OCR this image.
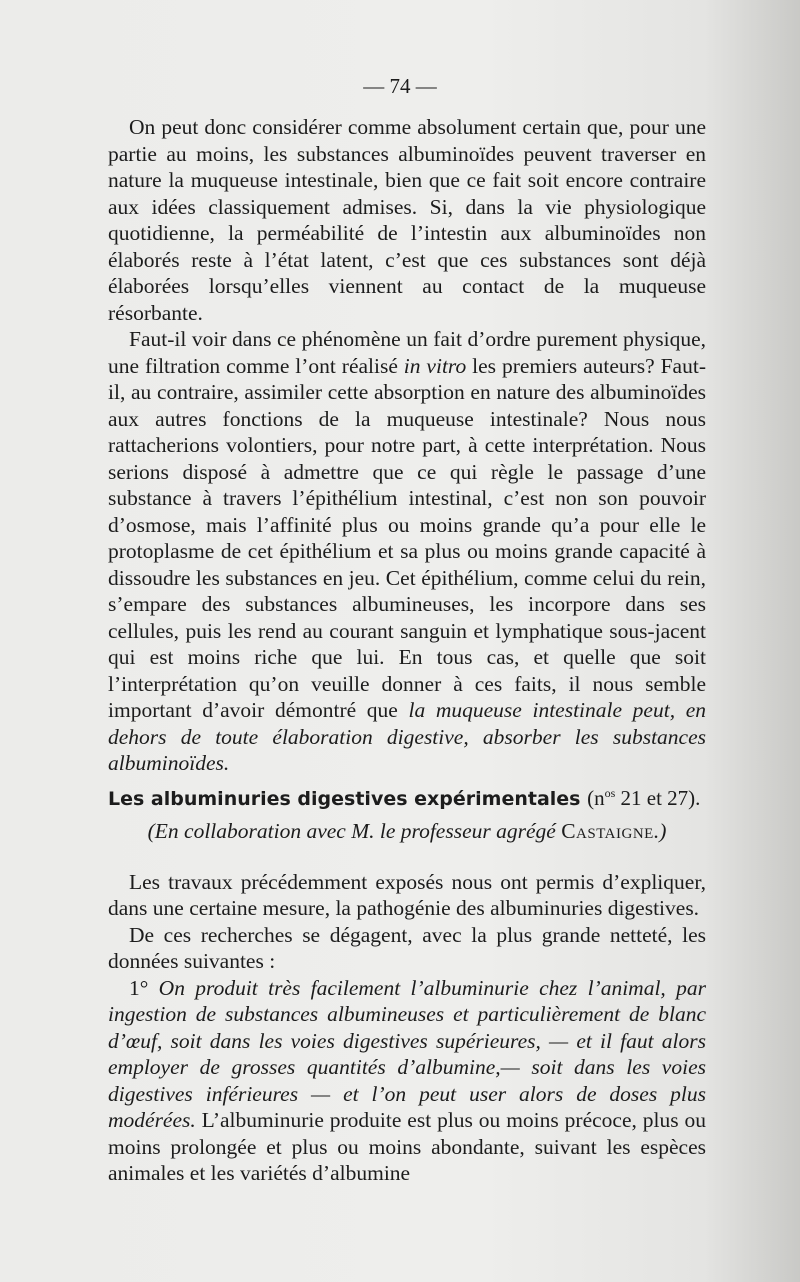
— 74 —

On peut donc considérer comme absolument certain que, pour une partie au moins, les substances albuminoïdes peuvent traverser en nature la muqueuse intestinale, bien que ce fait soit encore contraire aux idées classiquement admises. Si, dans la vie physiologique quotidienne, la perméabilité de l’intestin aux albuminoïdes non élaborés reste à l’état latent, c’est que ces substances sont déjà élaborées lorsqu’elles viennent au contact de la muqueuse résorbante.

Faut-il voir dans ce phénomène un fait d’ordre purement physique, une filtration comme l’ont réalisé in vitro les premiers auteurs? Faut-il, au contraire, assimiler cette absorption en nature des albuminoïdes aux autres fonctions de la muqueuse intestinale? Nous nous rattacherions volontiers, pour notre part, à cette interprétation. Nous serions disposé à admettre que ce qui règle le passage d’une substance à travers l’épithélium intestinal, c’est non son pouvoir d’osmose, mais l’affinité plus ou moins grande qu’a pour elle le protoplasme de cet épithélium et sa plus ou moins grande capacité à dissoudre les substances en jeu. Cet épithélium, comme celui du rein, s’empare des substances albumineuses, les incorpore dans ses cellules, puis les rend au courant sanguin et lymphatique sous-jacent qui est moins riche que lui. En tous cas, et quelle que soit l’interprétation qu’on veuille donner à ces faits, il nous semble important d’avoir démontré que la muqueuse intestinale peut, en dehors de toute élaboration digestive, absorber les substances albuminoïdes.

Les albuminuries digestives expérimentales ($n^{os}$ 21 et 27).

(En collaboration avec M. le professeur agrégé Castaigne.)

Les travaux précédemment exposés nous ont permis d’expliquer, dans une certaine mesure, la pathogénie des albuminuries digestives.

De ces recherches se dégagent, avec la plus grande netteté, les données suivantes :

1° On produit très facilement l’albuminurie chez l’animal, par ingestion de substances albumineuses et particulièrement de blanc d’œuf, soit dans les voies digestives supérieures, — et il faut alors employer de grosses quantités d’albumine,— soit dans les voies digestives inférieures — et l’on peut user alors de doses plus modérées. L’albuminurie produite est plus ou moins précoce, plus ou moins prolongée et plus ou moins abondante, suivant les espèces animales et les variétés d’albumine
